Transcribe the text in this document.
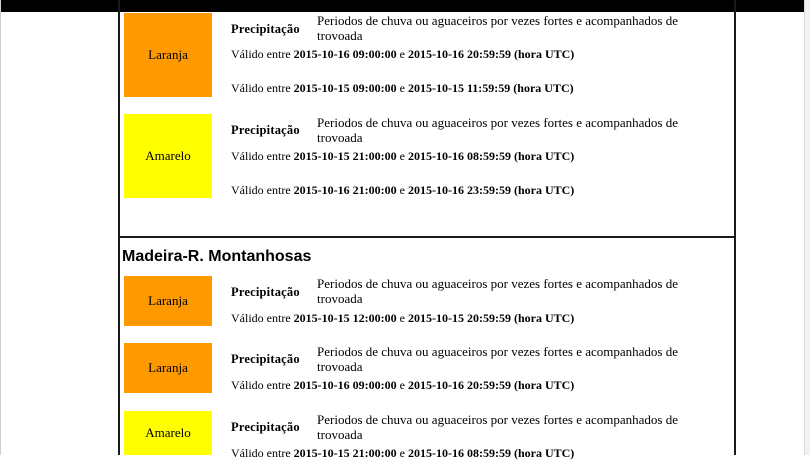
Laranja
Precipitação
Periodos de chuva ou aguaceiros por vezes fortes e acompanhados de trovoada
Válido entre 2015-10-16 09:00:00 e 2015-10-16 20:59:59 (hora UTC)
Válido entre 2015-10-15 09:00:00 e 2015-10-15 11:59:59 (hora UTC)
Amarelo
Precipitação Periodos de chuva ou aguaceiros por vezes fortes e acompanhados de trovoada
Válido entre 2015-10-15 21:00:00 e 2015-10-16 08:59:59 (hora UTC)
Válido entre 2015-10-16 21:00:00 e 2015-10-16 23:59:59 (hora UTC)
Madeira-R. Montanhosas
Laranja
Precipitação
Periodos de chuva ou aguaceiros por vezes fortes e acompanhados de trovoada
Válido entre 2015-10-15 12:00:00 e 2015-10-15 20:59:59 (hora UTC)
Laranja
Precipitação Periodos de chuva ou aguaceiros por vezes fortes e acompanhados de trovoada
Válido entre 2015-10-16 09:00:00 e 2015-10-16 20:59:59 (hora UTC)
Amarelo	Precipitação Periodos de chuva ou aguaceiros por vezes fortes e acompanhados de trovoada
Válido entre 2015-10-15 21:00:00 e 2015-10-16 08:59:59 (hora UTC)
